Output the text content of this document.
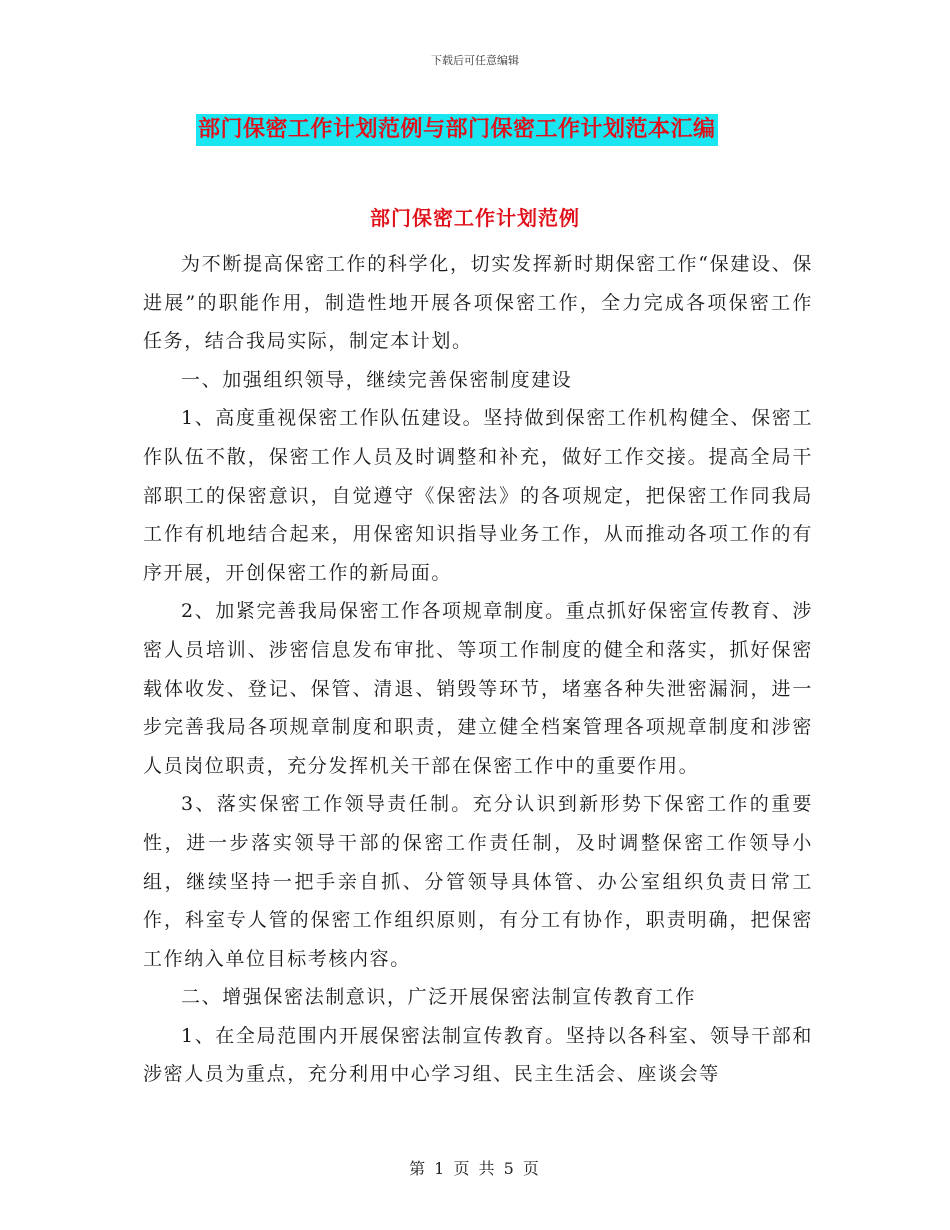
下载后可任意编辑
部门保密工作计划范例与部门保密工作计划范本汇编
部门保密工作计划范例

为不断提高保密工作的科学化，切实发挥新时期保密工作“保建设、保进展”的职能作用，制造性地开展各项保密工作，全力完成各项保密工作任务，结合我局实际，制定本计划。

一、加强组织领导，继续完善保密制度建设

1、高度重视保密工作队伍建设。坚持做到保密工作机构健全、保密工作队伍不散，保密工作人员及时调整和补充，做好工作交接。提高全局干部职工的保密意识，自觉遵守《保密法》的各项规定，把保密工作同我局工作有机地结合起来，用保密知识指导业务工作，从而推动各项工作的有序开展，开创保密工作的新局面。

2、加紧完善我局保密工作各项规章制度。重点抓好保密宣传教育、涉密人员培训、涉密信息发布审批、等项工作制度的健全和落实，抓好保密载体收发、登记、保管、清退、销毁等环节，堵塞各种失泄密漏洞，进一步完善我局各项规章制度和职责，建立健全档案管理各项规章制度和涉密人员岗位职责，充分发挥机关干部在保密工作中的重要作用。

3、落实保密工作领导责任制。充分认识到新形势下保密工作的重要性，进一步落实领导干部的保密工作责任制，及时调整保密工作领导小组，继续坚持一把手亲自抓、分管领导具体管、办公室组织负责日常工作，科室专人管的保密工作组织原则，有分工有协作，职责明确，把保密工作纳入单位目标考核内容。

二、增强保密法制意识，广泛开展保密法制宣传教育工作

1、在全局范围内开展保密法制宣传教育。坚持以各科室、领导干部和涉密人员为重点，充分利用中心学习组、民主生活会、座谈会等

第 1 页 共 5 页
